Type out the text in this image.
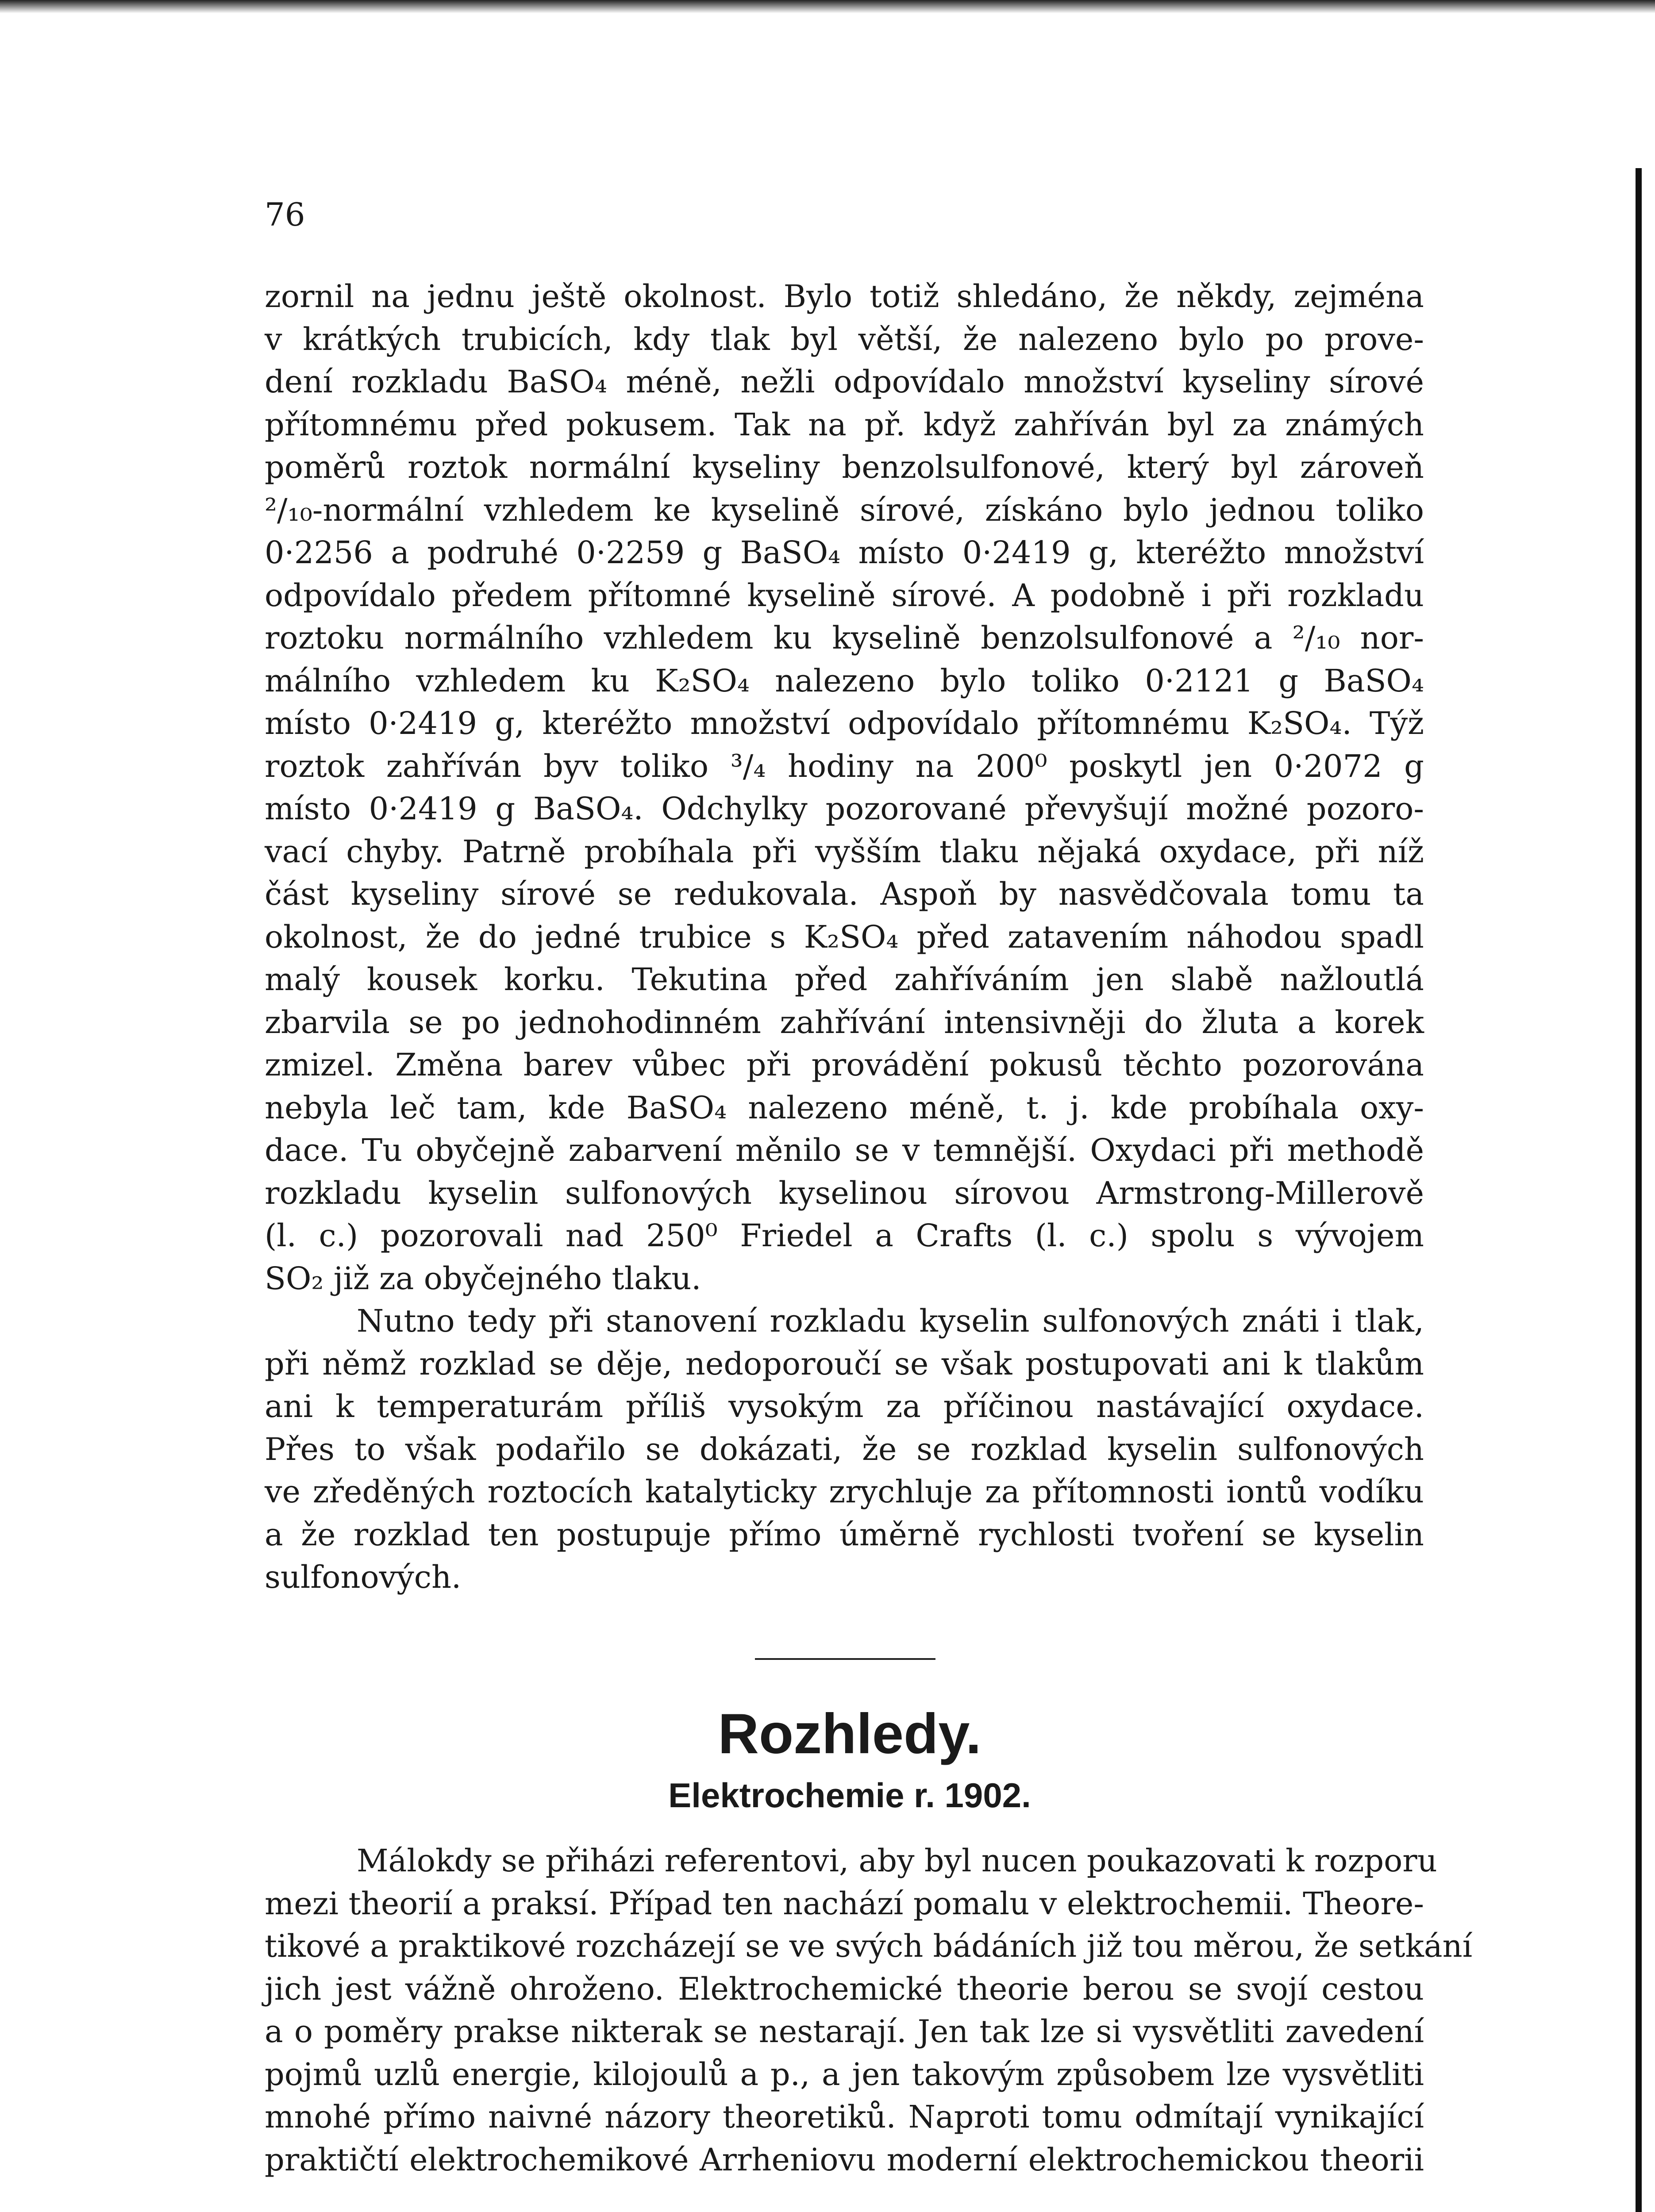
76
zornil na jednu ještě okolnost. Bylo totiž shledáno, že někdy, zejména
v krátkých trubicích, kdy tlak byl větší, že nalezeno bylo po prove-
dení rozkladu BaSO₄ méně, nežli odpovídalo množství kyseliny sírové
přítomnému před pokusem. Tak na př. když zahříván byl za známých
poměrů roztok normální kyseliny benzolsulfonové, který byl zároveň
²/₁₀-normální vzhledem ke kyselině sírové, získáno bylo jednou toliko
0·2256 a podruhé 0·2259 g BaSO₄ místo 0·2419 g, kteréžto množství
odpovídalo předem přítomné kyselině sírové. A podobně i při rozkladu
roztoku normálního vzhledem ku kyselině benzolsulfonové a ²/₁₀ nor-
málního vzhledem ku K₂SO₄ nalezeno bylo toliko 0·2121 g BaSO₄
místo 0·2419 g, kteréžto množství odpovídalo přítomnému K₂SO₄. Týž
roztok zahříván byv toliko ³/₄ hodiny na 200⁰ poskytl jen 0·2072 g
místo 0·2419 g BaSO₄. Odchylky pozorované převyšují možné pozoro-
vací chyby. Patrně probíhala při vyšším tlaku nějaká oxydace, při níž
část kyseliny sírové se redukovala. Aspoň by nasvědčovala tomu ta
okolnost, že do jedné trubice s K₂SO₄ před zatavením náhodou spadl
malý kousek korku. Tekutina před zahříváním jen slabě nažloutlá
zbarvila se po jednohodinném zahřívání intensivněji do žluta a korek
zmizel. Změna barev vůbec při provádění pokusů těchto pozorována
nebyla leč tam, kde BaSO₄ nalezeno méně, t. j. kde probíhala oxy-
dace. Tu obyčejně zabarvení měnilo se v temnější. Oxydaci při methodě
rozkladu kyselin sulfonových kyselinou sírovou Armstrong-Millerově
(l. c.) pozorovali nad 250⁰ Friedel a Crafts (l. c.) spolu s vývojem
SO₂ již za obyčejného tlaku.
Nutno tedy při stanovení rozkladu kyselin sulfonových znáti i tlak,
při němž rozklad se děje, nedoporoučí se však postupovati ani k tlakům
ani k temperaturám příliš vysokým za příčinou nastávající oxydace.
Přes to však podařilo se dokázati, že se rozklad kyselin sulfonových
ve zředěných roztocích katalyticky zrychluje za přítomnosti iontů vodíku
a že rozklad ten postupuje přímo úměrně rychlosti tvoření se kyselin
sulfonových.
Rozhledy.
Elektrochemie r. 1902.
Málokdy se přiházi referentovi, aby byl nucen poukazovati k rozporu
mezi theorií a praksí. Případ ten nachází pomalu v elektrochemii. Theore-
tikové a praktikové rozcházejí se ve svých bádáních již tou měrou, že setkání
jich jest vážně ohroženo. Elektrochemické theorie berou se svojí cestou
a o poměry prakse nikterak se nestarají. Jen tak lze si vysvětliti zavedení
pojmů uzlů energie, kilojoulů a p., a jen takovým způsobem lze vysvětliti
mnohé přímo naivné názory theoretiků. Naproti tomu odmítají vynikající
praktičtí elektrochemikové Arrheniovu moderní elektrochemickou theorii
